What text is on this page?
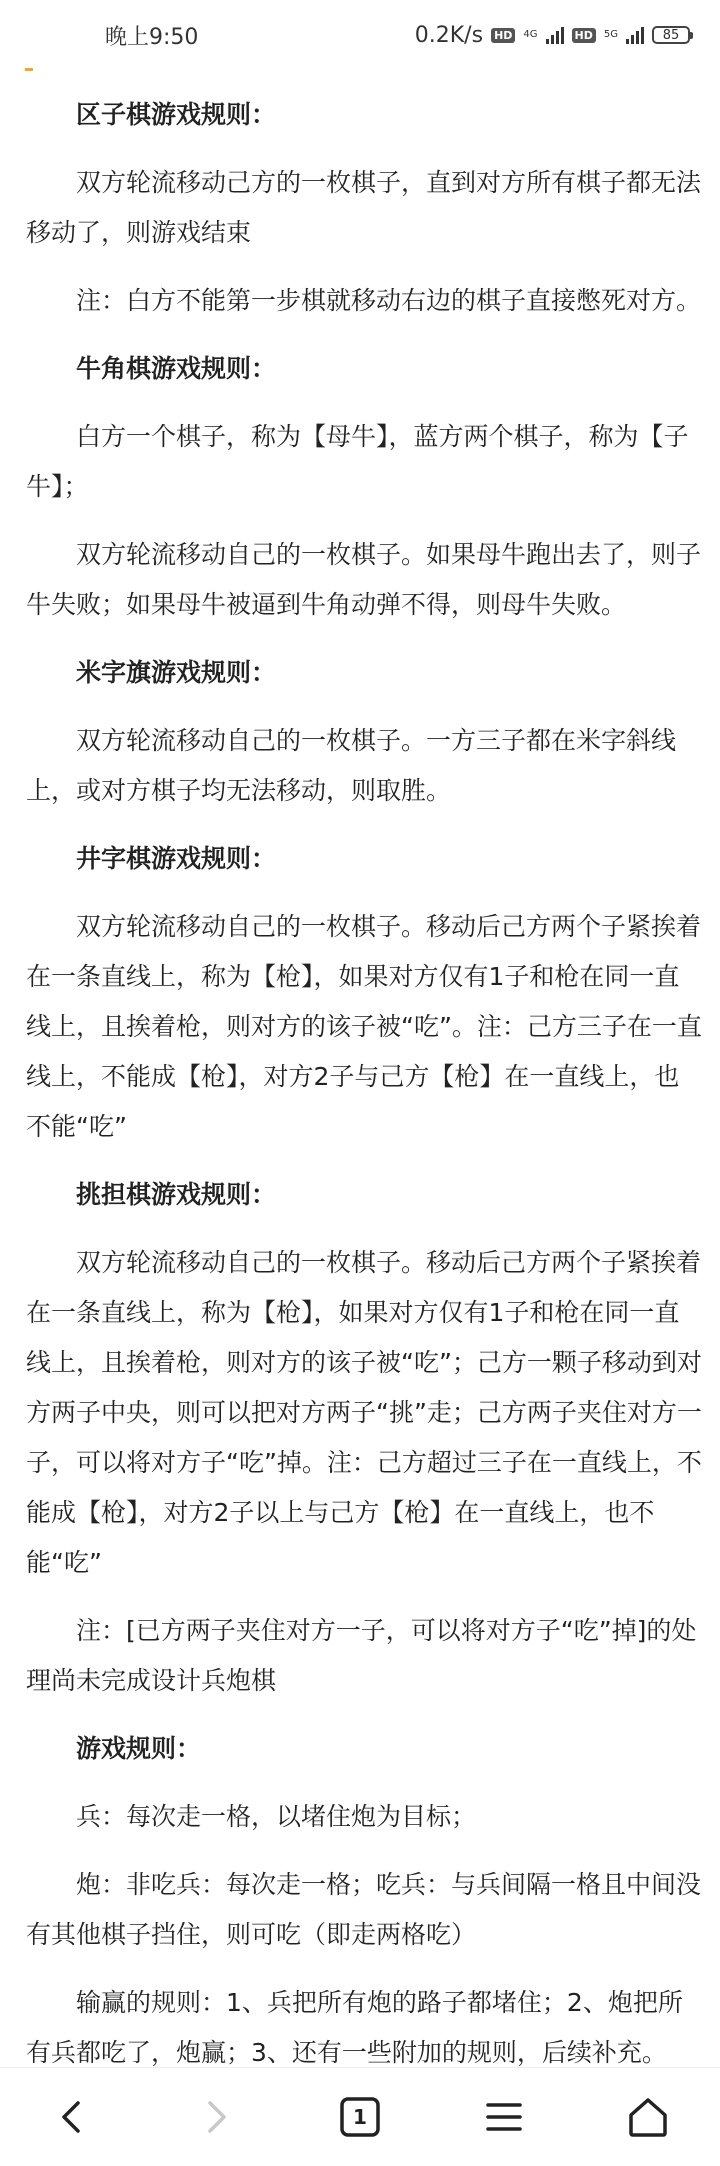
晚上9:50	0.2K/s HD	4G	HD	5G	85
区子棋游戏规则：

双方轮流移动己方的一枚棋子，直到对方所有棋子都无法移动了，则游戏结束

注：白方不能第一步棋就移动右边的棋子直接憋死对方。

牛角棋游戏规则：

白方一个棋子，称为【母牛】，蓝方两个棋子，称为【子牛】；

双方轮流移动自己的一枚棋子。如果母牛跑出去了，则子牛失败；如果母牛被逼到牛角动弹不得，则母牛失败。

米字旗游戏规则：

双方轮流移动自己的一枚棋子。一方三子都在米字斜线上，或对方棋子均无法移动，则取胜。

井字棋游戏规则：

双方轮流移动自己的一枚棋子。移动后己方两个子紧挨着在一条直线上，称为【枪】，如果对方仅有1子和枪在同一直线上，且挨着枪，则对方的该子被“吃”。注：己方三子在一直线上，不能成【枪】，对方2子与己方【枪】在一直线上，也不能“吃”

挑担棋游戏规则：

双方轮流移动自己的一枚棋子。移动后己方两个子紧挨着在一条直线上，称为【枪】，如果对方仅有1子和枪在同一直线上，且挨着枪，则对方的该子被“吃”；己方一颗子移动到对方两子中央，则可以把对方两子“挑”走；己方两子夹住对方一子，可以将对方子“吃”掉。注：己方超过三子在一直线上，不能成【枪】，对方2子以上与己方【枪】在一直线上，也不能“吃”

注：[已方两子夹住对方一子，可以将对方子“吃”掉]的处理尚未完成设计兵炮棋

游戏规则：

兵：每次走一格，以堵住炮为目标；

炮：非吃兵：每次走一格；吃兵：与兵间隔一格且中间没有其他棋子挡住，则可吃（即走两格吃）

输赢的规则：1、兵把所有炮的路子都堵住；2、炮把所有兵都吃了，炮赢；3、还有一些附加的规则，后续补充。

1
